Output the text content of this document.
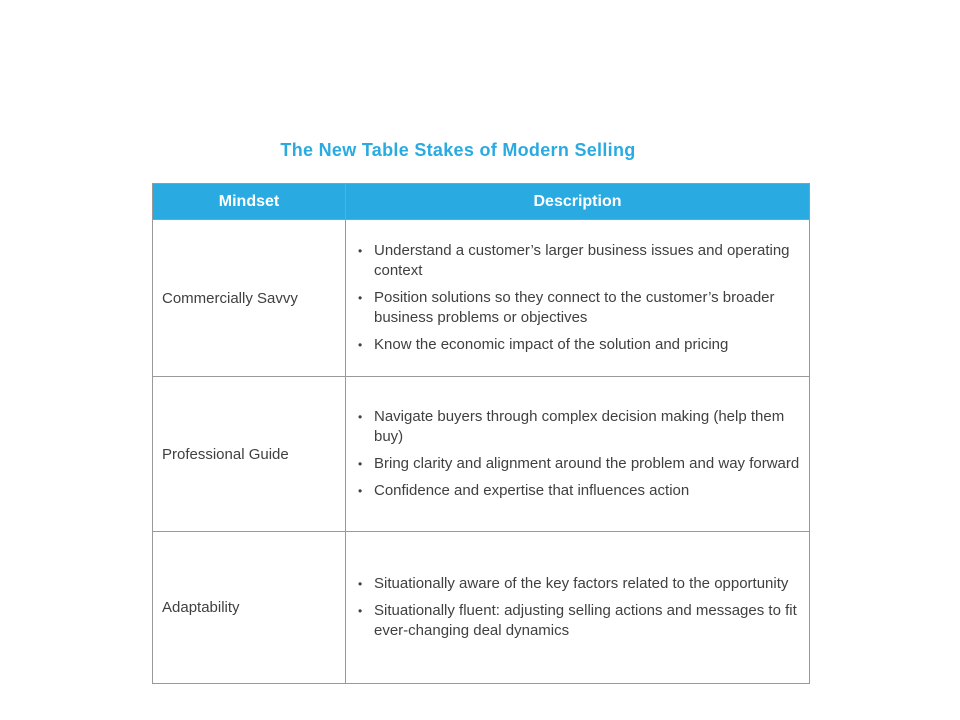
The New Table Stakes of Modern Selling
Mindset	Description
Commercially Savvy	
• Understand a customer’s larger business issues and operating context
• Position solutions so they connect to the customer’s broader business problems or objectives
• Know the economic impact of the solution and pricing

Professional Guide	
• Navigate buyers through complex decision making (help them buy)
• Bring clarity and alignment around the problem and way forward
• Confidence and expertise that influences action

Adaptability	• Situationally aware of the key factors related to the opportunity
• Situationally fluent: adjusting selling actions and messages to fit ever-changing deal dynamics
